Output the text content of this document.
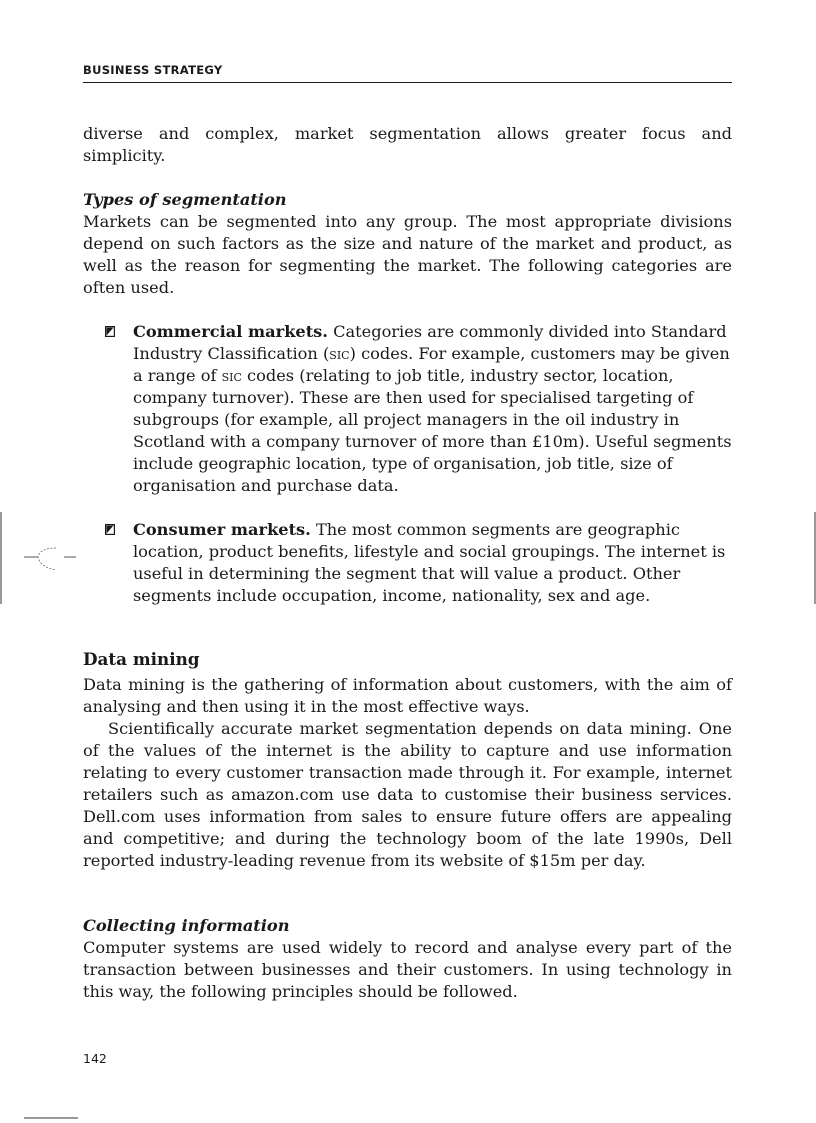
BUSINESS STRATEGY

diverse and complex, market segmentation allows greater focus and simplicity.

Types of segmentation

Markets can be segmented into any group. The most appropriate divisions depend on such factors as the size and nature of the market and product, as well as the reason for segmenting the market. The following categories are often used.

Commercial markets. Categories are commonly divided into Standard Industry Classification (sic) codes. For example, customers may be given a range of sic codes (relating to job title, industry sector, location, company turnover). These are then used for specialised targeting of subgroups (for example, all project managers in the oil industry in Scotland with a company turnover of more than £10m). Useful segments include geographic location, type of organisation, job title, size of organisation and purchase data.

Consumer markets. The most common segments are geographic location, product benefits, lifestyle and social groupings. The internet is useful in determining the segment that will value a product. Other segments include occupation, income, nationality, sex and age.

Data mining

Data mining is the gathering of information about customers, with the aim of analysing and then using it in the most effective ways.

Scientifically accurate market segmentation depends on data mining. One of the values of the internet is the ability to capture and use information relating to every customer transaction made through it. For example, internet retailers such as amazon.com use data to customise their business services. Dell.com uses information from sales to ensure future offers are appealing and competitive; and during the technology boom of the late 1990s, Dell reported industry-leading revenue from its website of $15m per day.

Collecting information

Computer systems are used widely to record and analyse every part of the transaction between businesses and their customers. In using technology in this way, the following principles should be followed.

142
